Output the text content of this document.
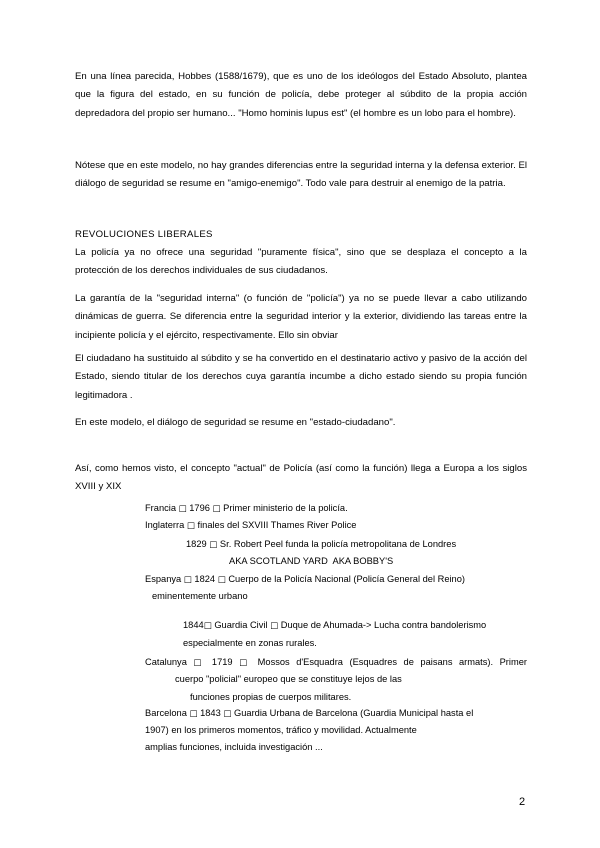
En una línea parecida, Hobbes (1588/1679), que es uno de los ideólogos del Estado Absoluto, plantea que la figura del estado, en su función de policía, debe proteger al súbdito de la propia acción depredadora del propio ser humano... "Homo hominis lupus est" (el hombre es un lobo para el hombre).

Nótese que en este modelo, no hay grandes diferencias entre la seguridad interna y la defensa exterior. El diálogo de seguridad se resume en "amigo-enemigo". Todo vale para destruir al enemigo de la patria.

REVOLUCIONES LIBERALES

La policía ya no ofrece una seguridad "puramente física", sino que se desplaza el concepto a la protección de los derechos individuales de sus ciudadanos.

La garantía de la "seguridad interna" (o función de "policía") ya no se puede llevar a cabo utilizando dinámicas de guerra. Se diferencia entre la seguridad interior y la exterior, dividiendo las tareas entre la incipiente policía y el ejército, respectivamente. Ello sin obviar

El ciudadano ha sustituido al súbdito y se ha convertido en el destinatario activo y pasivo de la acción del Estado, siendo titular de los derechos cuya garantía incumbe a dicho estado siendo su propia función legitimadora .

En este modelo, el diálogo de seguridad se resume en "estado-ciudadano".

Así, como hemos visto, el concepto "actual" de Policía (así como la función) llega a Europa a los siglos XVIII y XIX

Francia □ 1796 □ Primer ministerio de la policía.

Inglaterra □ finales del SXVIII Thames River Police

1829 □ Sr. Robert Peel funda la policía metropolitana de Londres

AKA SCOTLAND YARD  AKA BOBBY'S

Espanya □ 1824 □ Cuerpo de la Policía Nacional (Policía General del Reino)

eminentemente urbano

1844□ Guardia Civil □ Duque de Ahumada-> Lucha contra bandolerismo

especialmente en zonas rurales.

Catalunya □ 1719 □ Mossos d'Esquadra (Esquadres de paisans armats). Primer

cuerpo "policial" europeo que se constituye lejos de las

funciones propias de cuerpos militares.

Barcelona □ 1843 □ Guardia Urbana de Barcelona (Guardia Municipal hasta el

1907) en los primeros momentos, tráfico y movilidad. Actualmente

amplias funciones, incluida investigación ...

2
